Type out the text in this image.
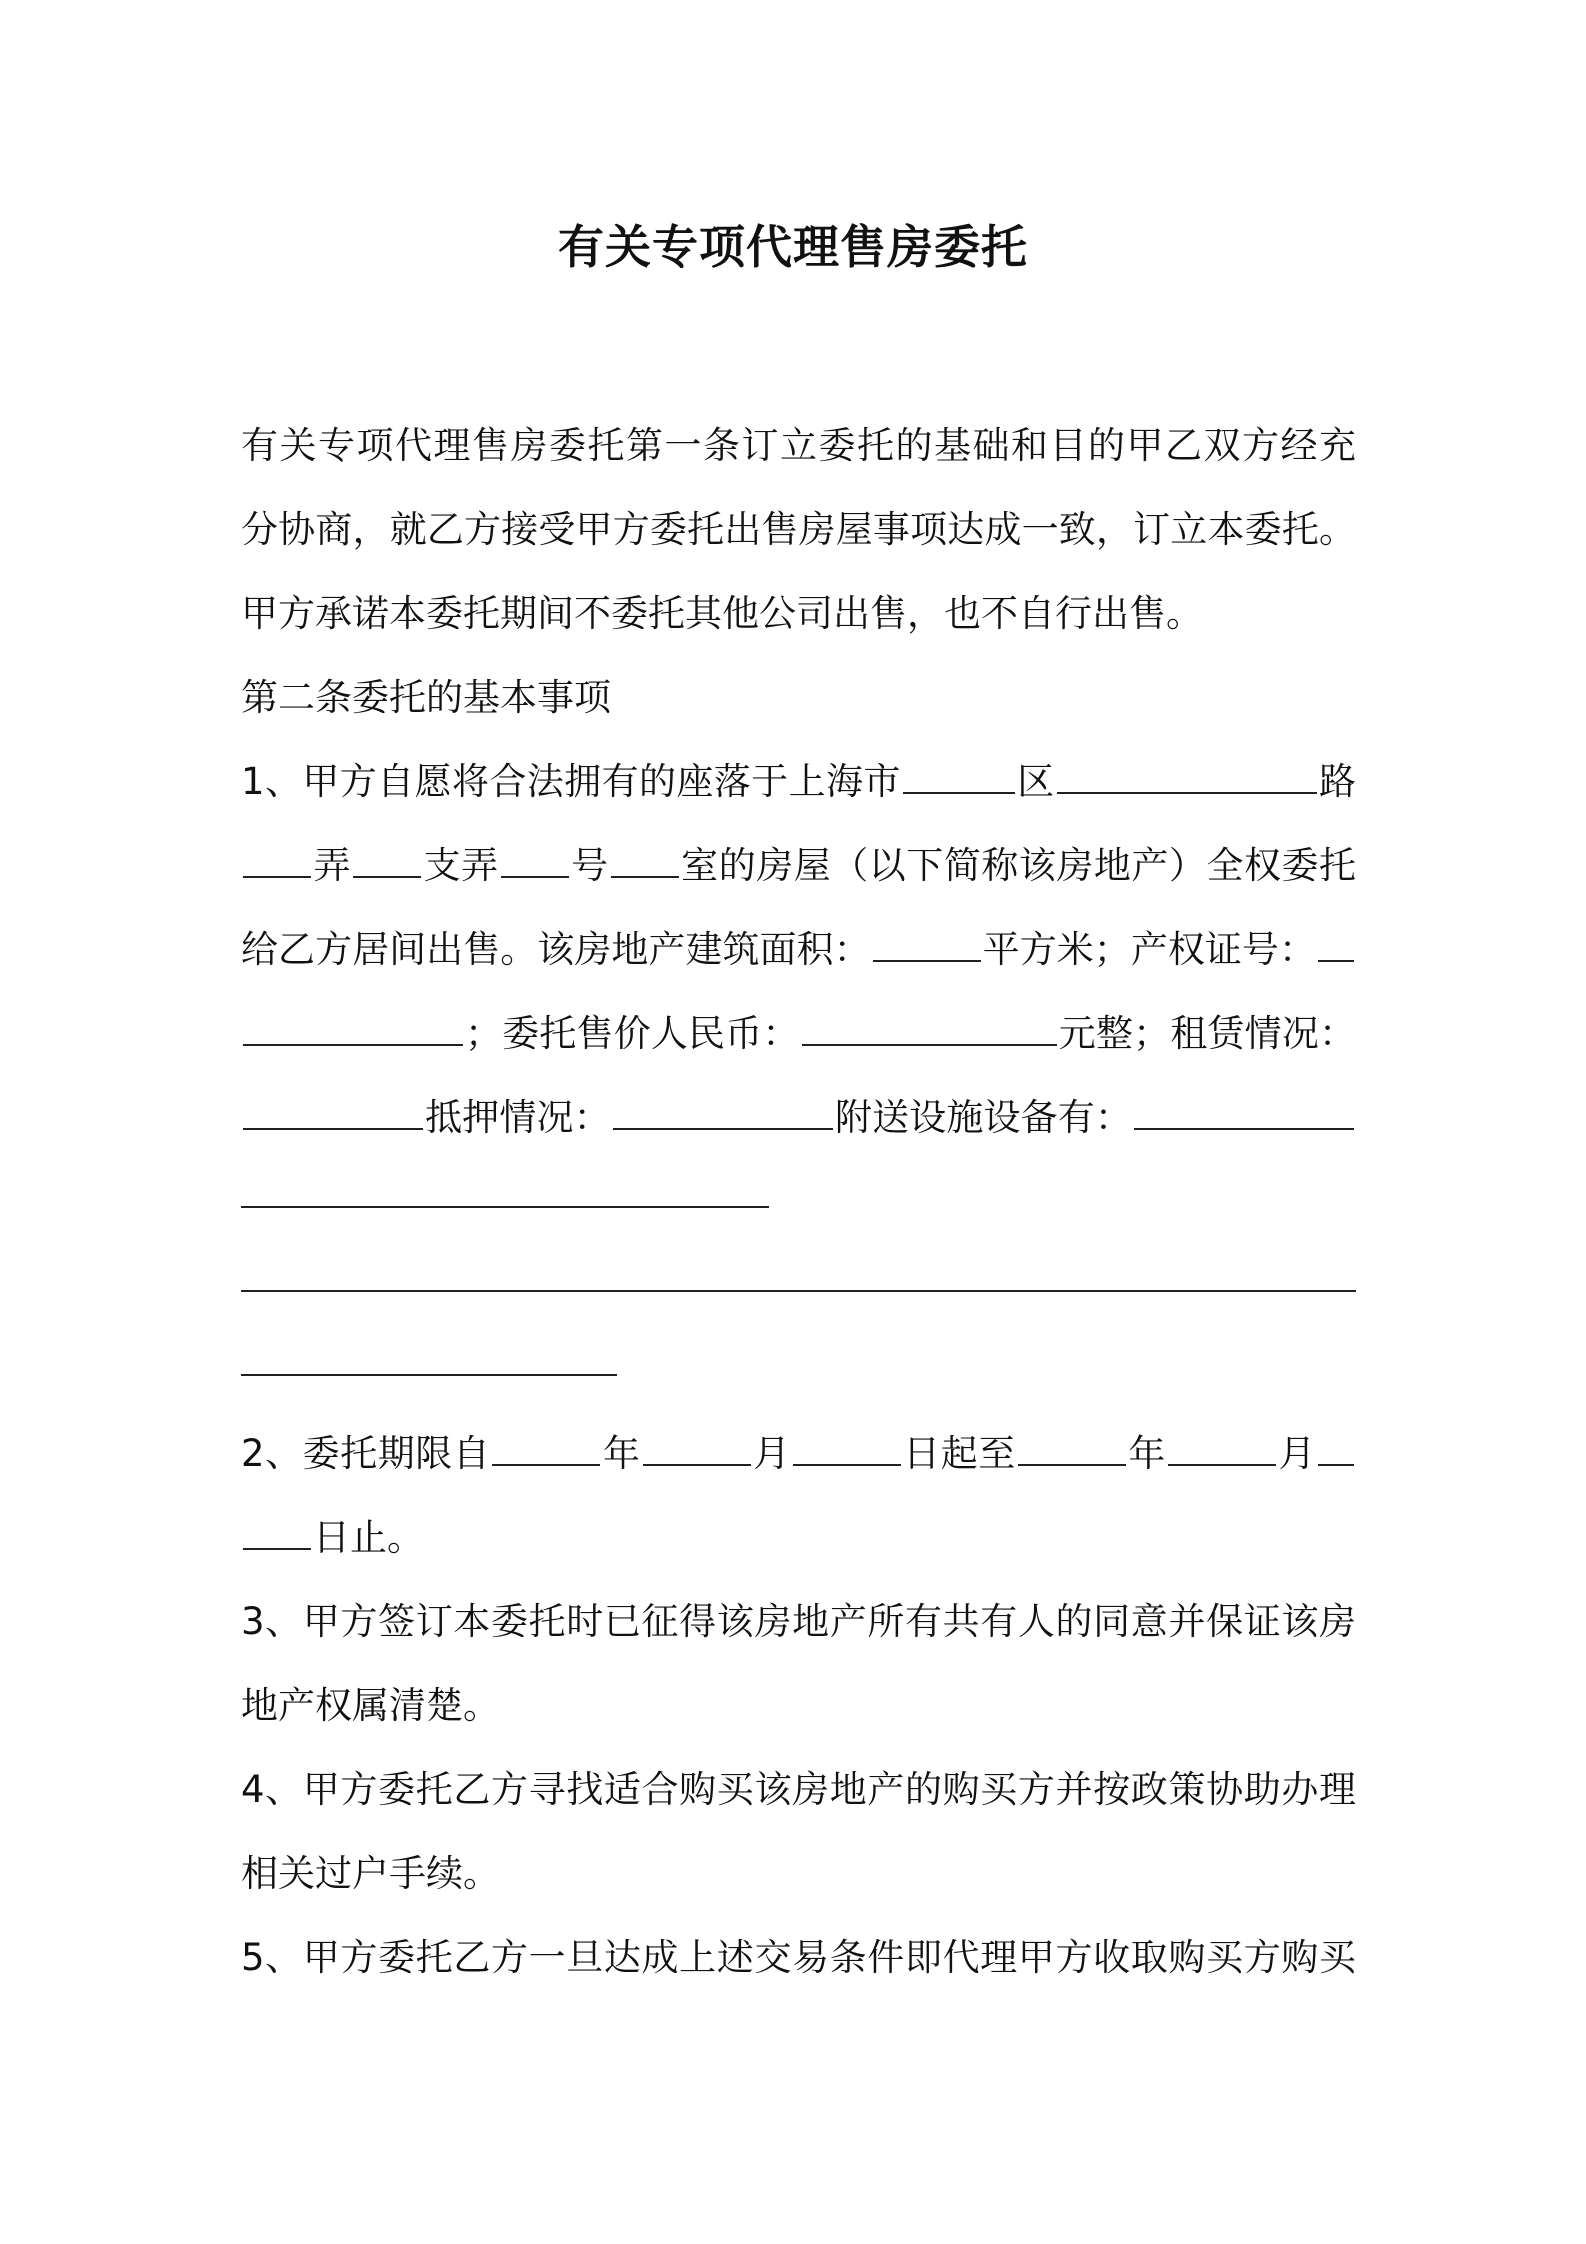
有关专项代理售房委托
有关专项代理售房委托第一条订立委托的基础和目的甲乙双方经充
分协商，就乙方接受甲方委托出售房屋事项达成一致，订立本委托。
甲方承诺本委托期间不委托其他公司出售，也不自行出售。
第二条委托的基本事项
1、甲方自愿将合法拥有的座落于上海市	区	路
弄 支弄 号 室的房屋（以下简称该房地产）全权委托
给乙方居间出售。该房地产建筑面积：	平方米；产权证号：
；委托售价人民币：	元整；租赁情况：
抵押情况：	附送设施设备有：
2、委托期限自	年	月	日起至	年	月
日止。
3、甲方签订本委托时已征得该房地产所有共有人的同意并保证该房
地产权属清楚。
4、甲方委托乙方寻找适合购买该房地产的购买方并按政策协助办理
相关过户手续。
5、甲方委托乙方一旦达成上述交易条件即代理甲方收取购买方购买
